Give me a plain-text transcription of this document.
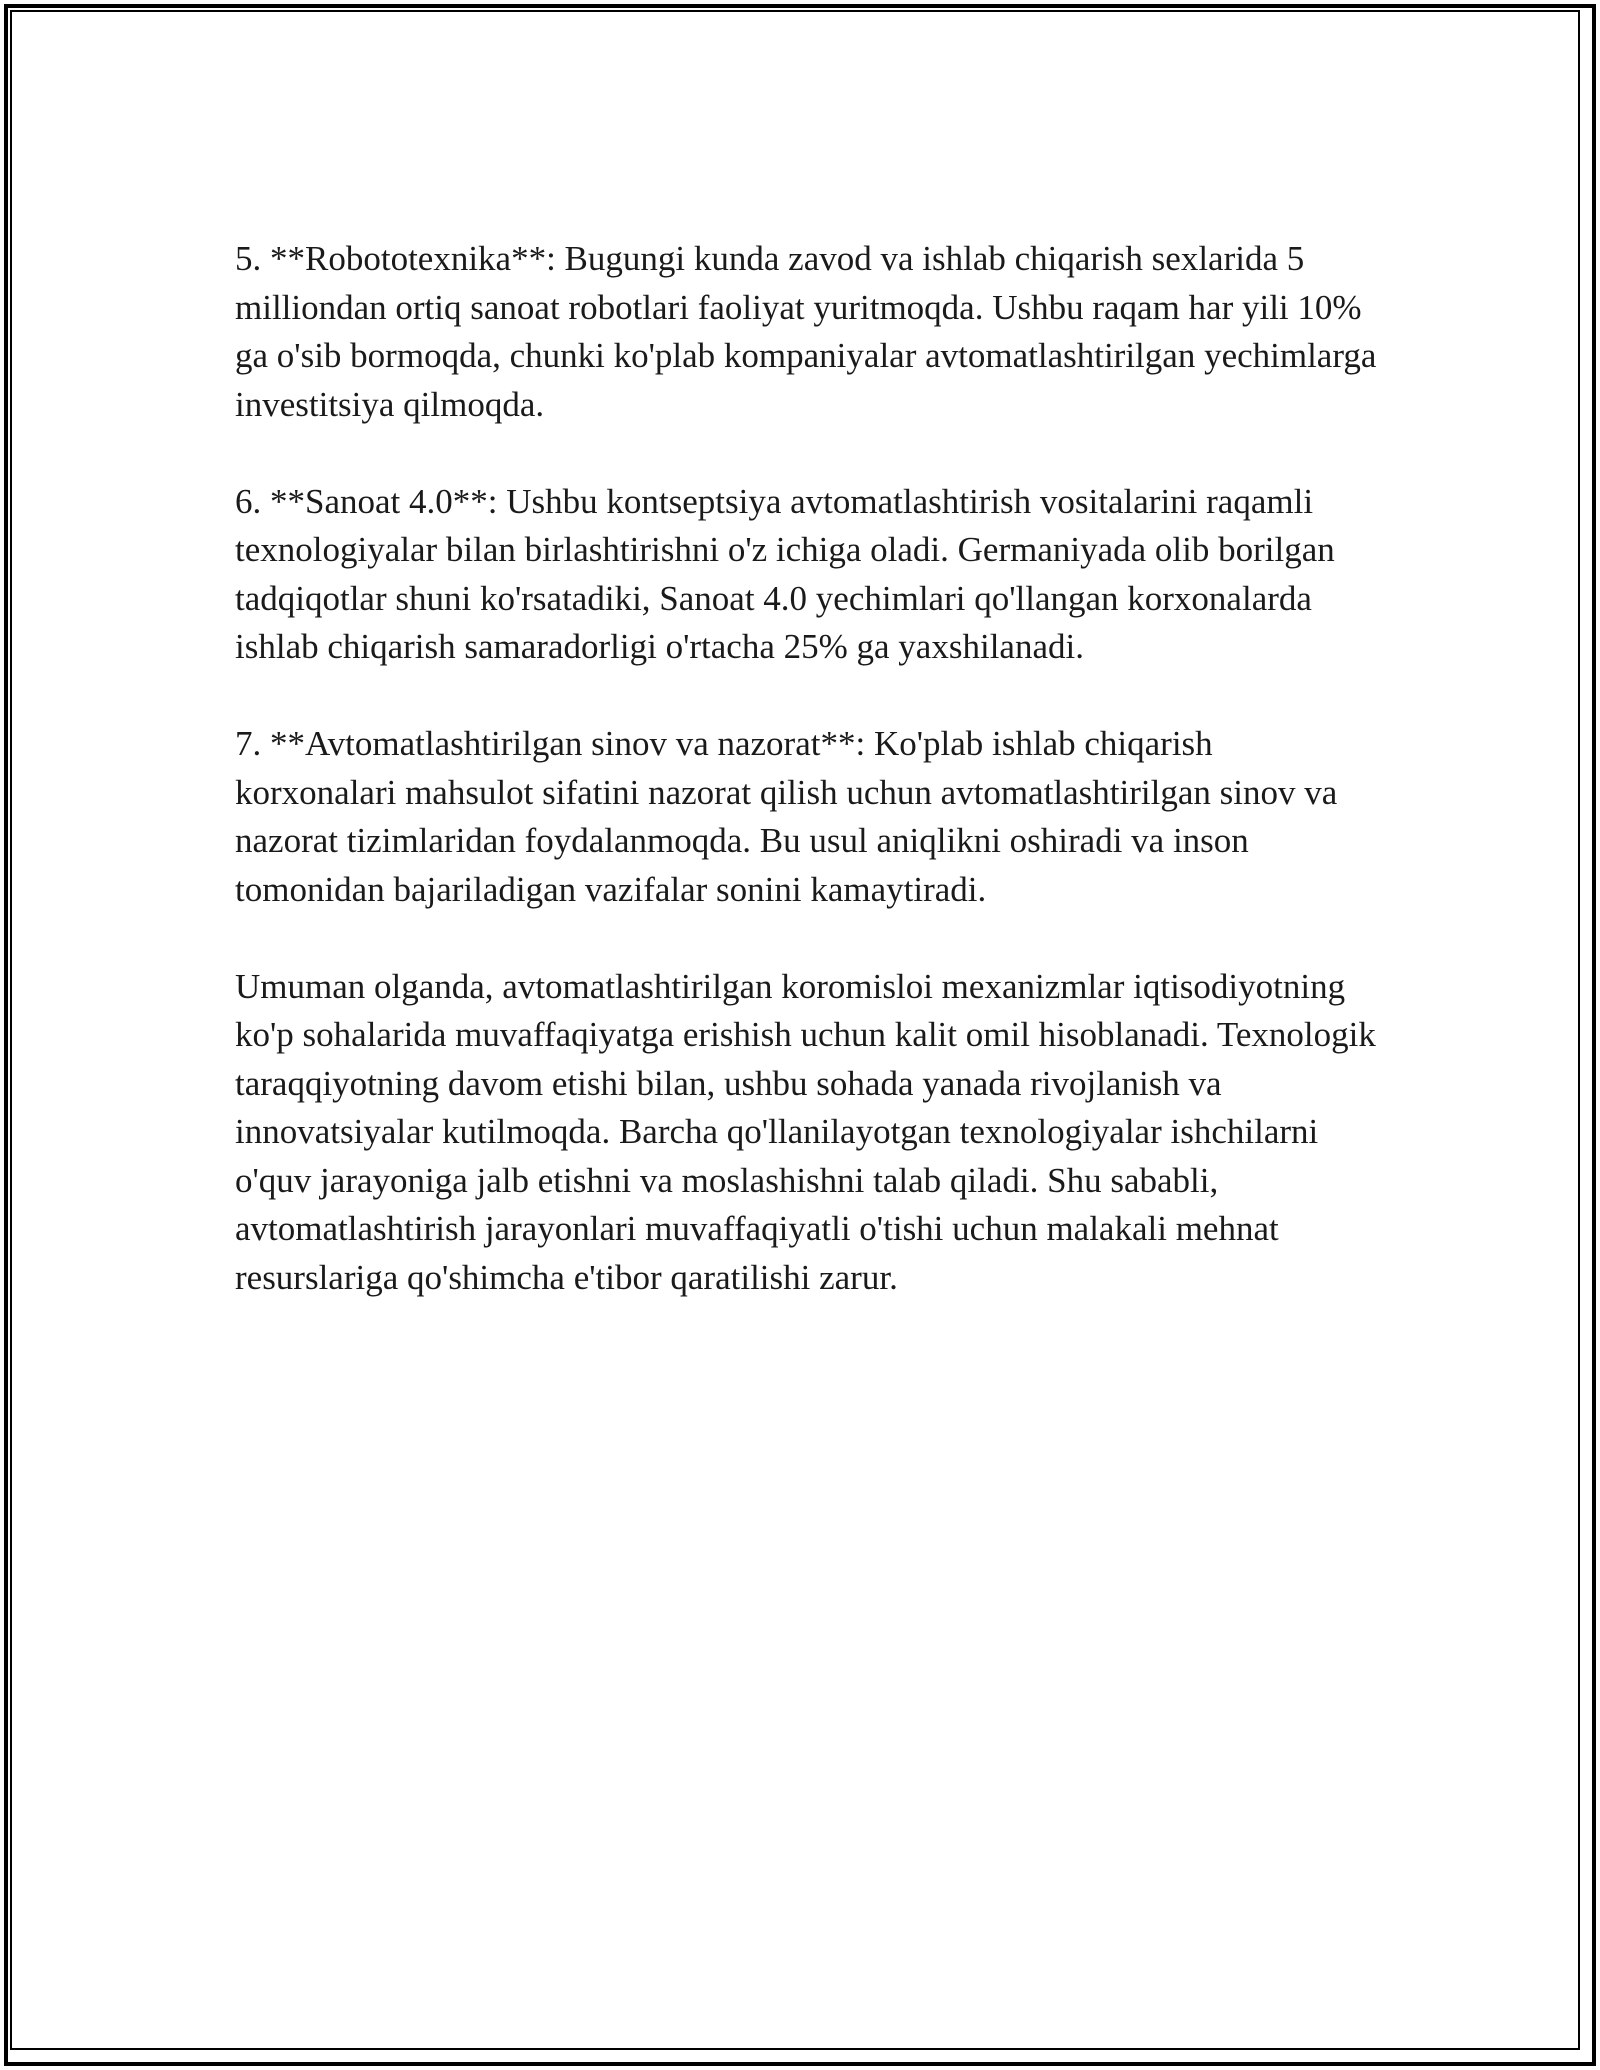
5. **Robototexnika**: Bugungi kunda zavod va ishlab chiqarish sexlarida 5 milliondan ortiq sanoat robotlari faoliyat yuritmoqda. Ushbu raqam har yili 10% ga o'sib bormoqda, chunki ko'plab kompaniyalar avtomatlashtirilgan yechimlarga investitsiya qilmoqda.

6. **Sanoat 4.0**: Ushbu kontseptsiya avtomatlashtirish vositalarini raqamli texnologiyalar bilan birlashtirishni o'z ichiga oladi. Germaniyada olib borilgan tadqiqotlar shuni ko'rsatadiki, Sanoat 4.0 yechimlari qo'llangan korxonalarda ishlab chiqarish samaradorligi o'rtacha 25% ga yaxshilanadi.

7. **Avtomatlashtirilgan sinov va nazorat**: Ko'plab ishlab chiqarish korxonalari mahsulot sifatini nazorat qilish uchun avtomatlashtirilgan sinov va nazorat tizimlaridan foydalanmoqda. Bu usul aniqlikni oshiradi va inson tomonidan bajariladigan vazifalar sonini kamaytiradi.

Umuman olganda, avtomatlashtirilgan koromisloi mexanizmlar iqtisodiyotning ko'p sohalarida muvaffaqiyatga erishish uchun kalit omil hisoblanadi. Texnologik taraqqiyotning davom etishi bilan, ushbu sohada yanada rivojlanish va innovatsiyalar kutilmoqda. Barcha qo'llanilayotgan texnologiyalar ishchilarni o'quv jarayoniga jalb etishni va moslashishni talab qiladi. Shu sababli, avtomatlashtirish jarayonlari muvaffaqiyatli o'tishi uchun malakali mehnat resurslariga qo'shimcha e'tibor qaratilishi zarur.
